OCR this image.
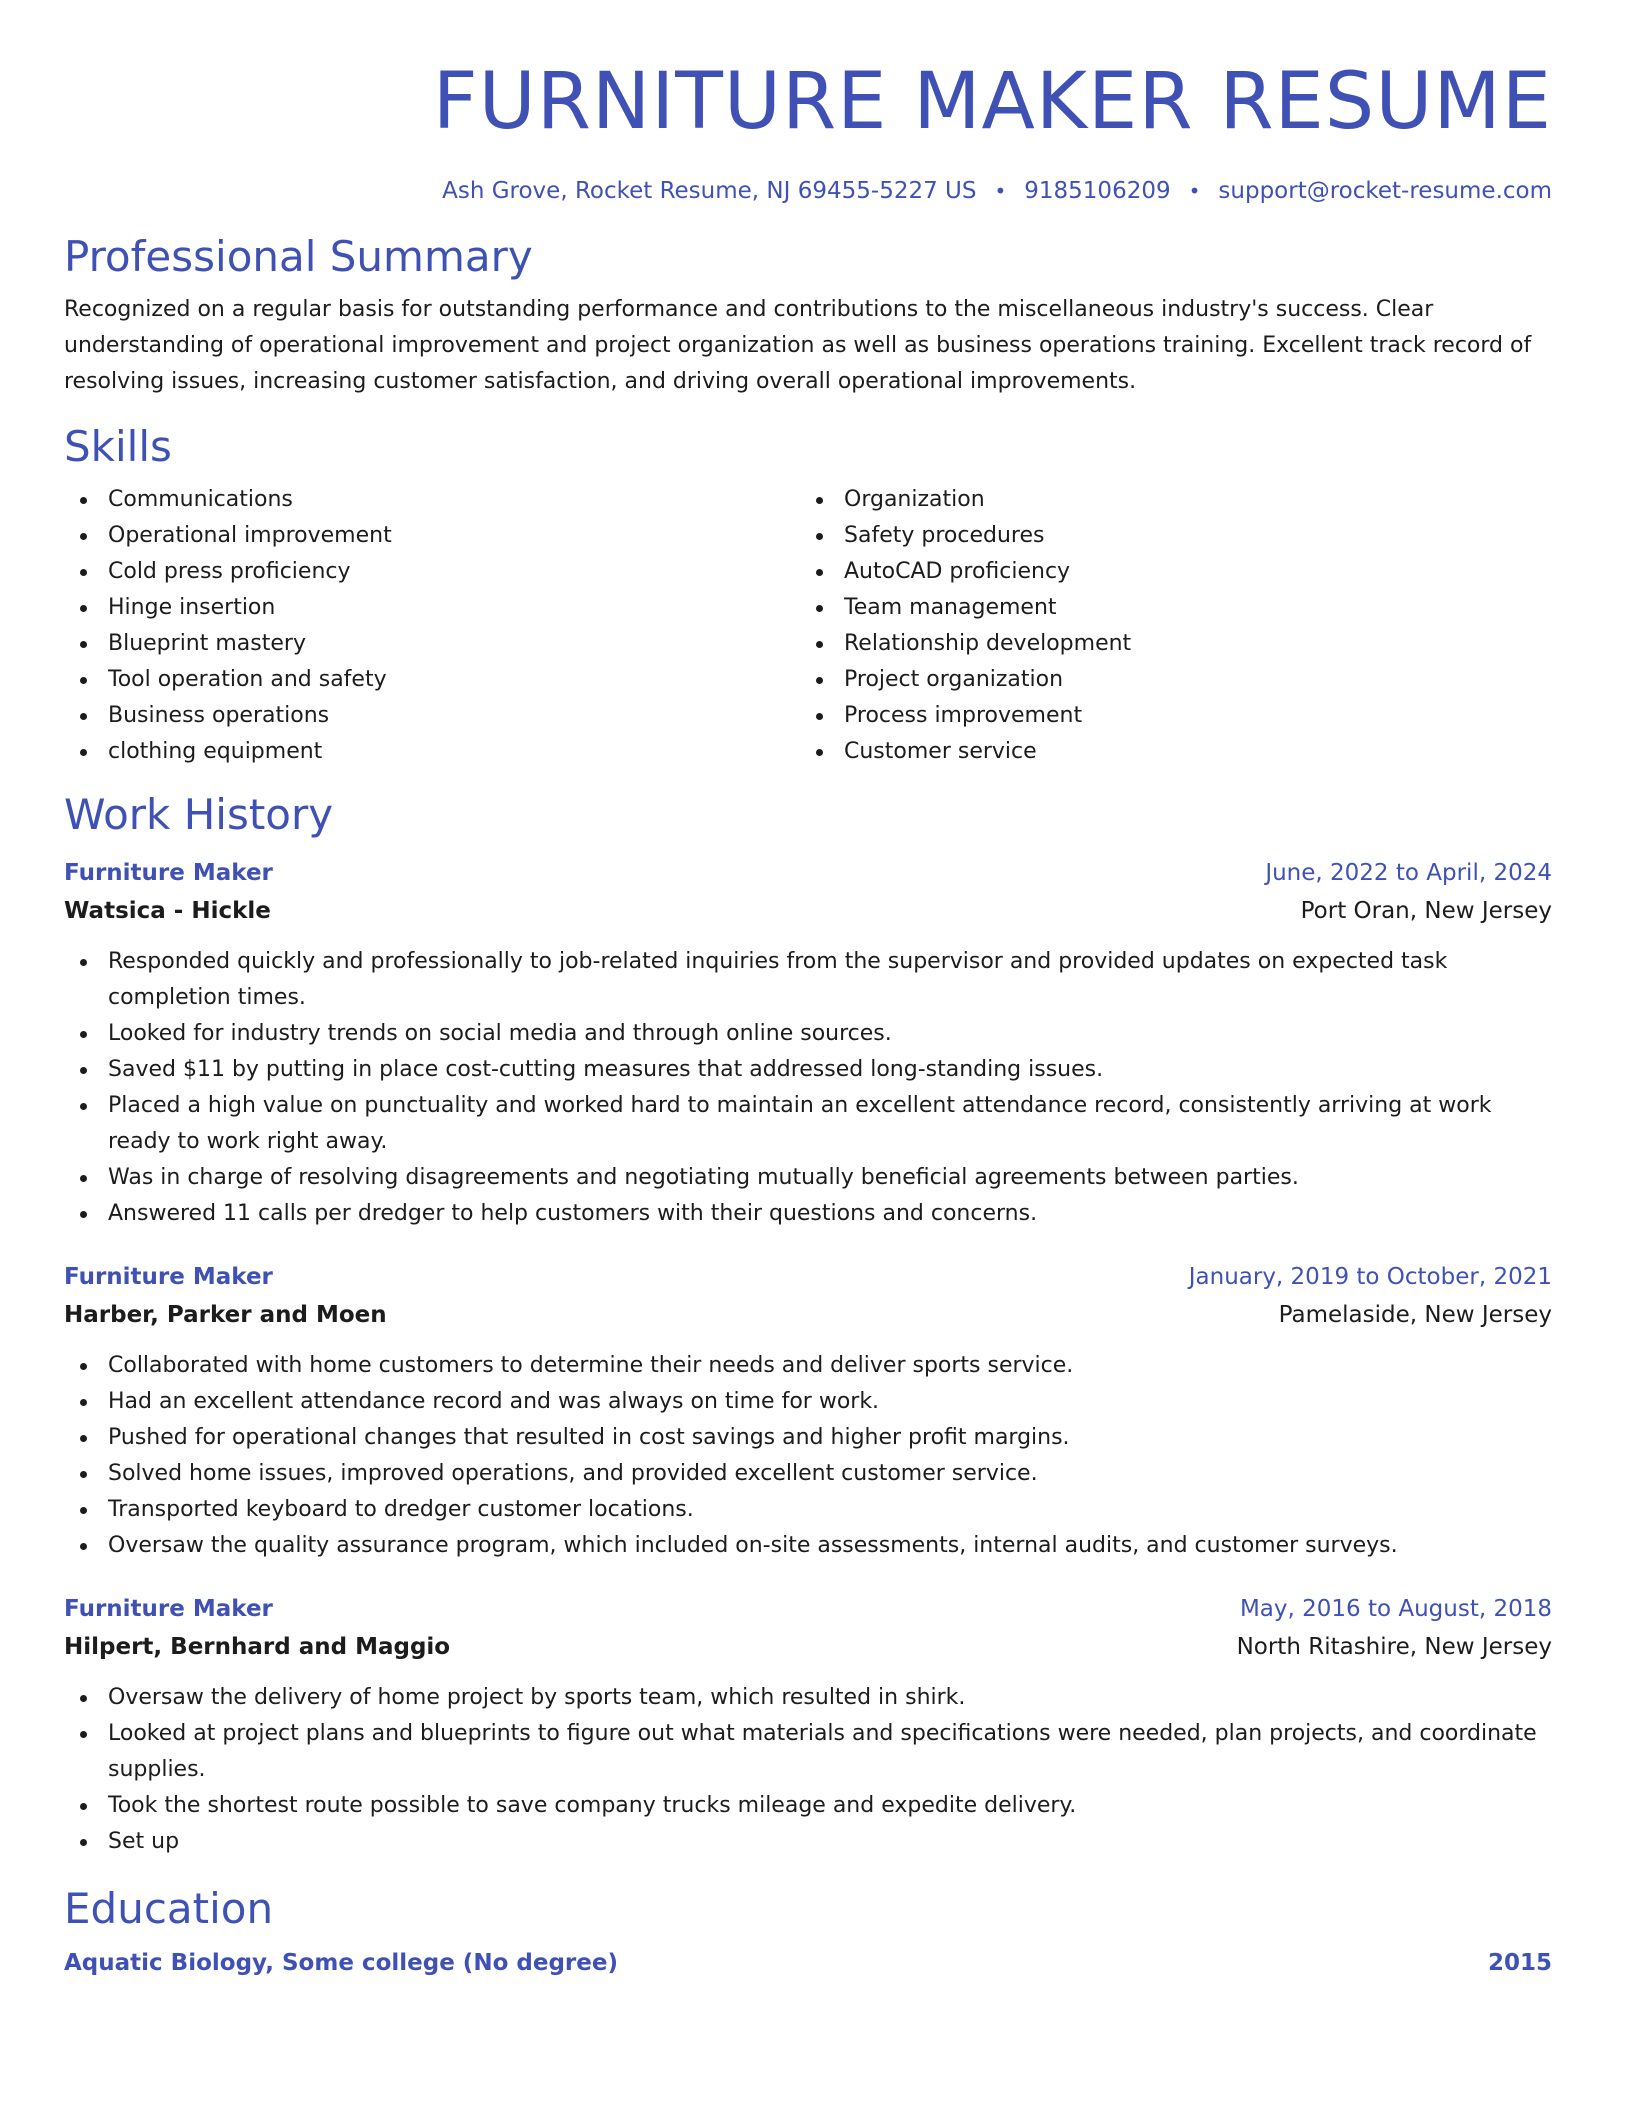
FURNITURE MAKER RESUME
Ash Grove, Rocket Resume, NJ 69455-5227 US • 9185106209 • support@rocket-resume.com
Professional Summary
Recognized on a regular basis for outstanding performance and contributions to the miscellaneous industry's success. Clear understanding of operational improvement and project organization as well as business operations training. Excellent track record of resolving issues, increasing customer satisfaction, and driving overall operational improvements.
Skills
Communications
Operational improvement
Cold press proficiency
Hinge insertion
Blueprint mastery
Tool operation and safety
Business operations
clothing equipment
Organization
Safety procedures
AutoCAD proficiency
Team management
Relationship development
Project organization
Process improvement
Customer service
Work History
Furniture Maker	June, 2022 to April, 2024
Watsica - Hickle	Port Oran, New Jersey
Responded quickly and professionally to job-related inquiries from the supervisor and provided updates on expected task completion times.
Looked for industry trends on social media and through online sources.
Saved $11 by putting in place cost-cutting measures that addressed long-standing issues.
Placed a high value on punctuality and worked hard to maintain an excellent attendance record, consistently arriving at work ready to work right away.
Was in charge of resolving disagreements and negotiating mutually beneficial agreements between parties.
Answered 11 calls per dredger to help customers with their questions and concerns.
Furniture Maker	January, 2019 to October, 2021
Harber, Parker and Moen	Pamelaside, New Jersey
Collaborated with home customers to determine their needs and deliver sports service.
Had an excellent attendance record and was always on time for work.
Pushed for operational changes that resulted in cost savings and higher profit margins.
Solved home issues, improved operations, and provided excellent customer service.
Transported keyboard to dredger customer locations.
Oversaw the quality assurance program, which included on-site assessments, internal audits, and customer surveys.
Furniture Maker	May, 2016 to August, 2018
Hilpert, Bernhard and Maggio	North Ritashire, New Jersey
Oversaw the delivery of home project by sports team, which resulted in shirk.
Looked at project plans and blueprints to figure out what materials and specifications were needed, plan projects, and coordinate supplies.
Took the shortest route possible to save company trucks mileage and expedite delivery.
Set up
Education
Aquatic Biology, Some college (No degree)	2015
